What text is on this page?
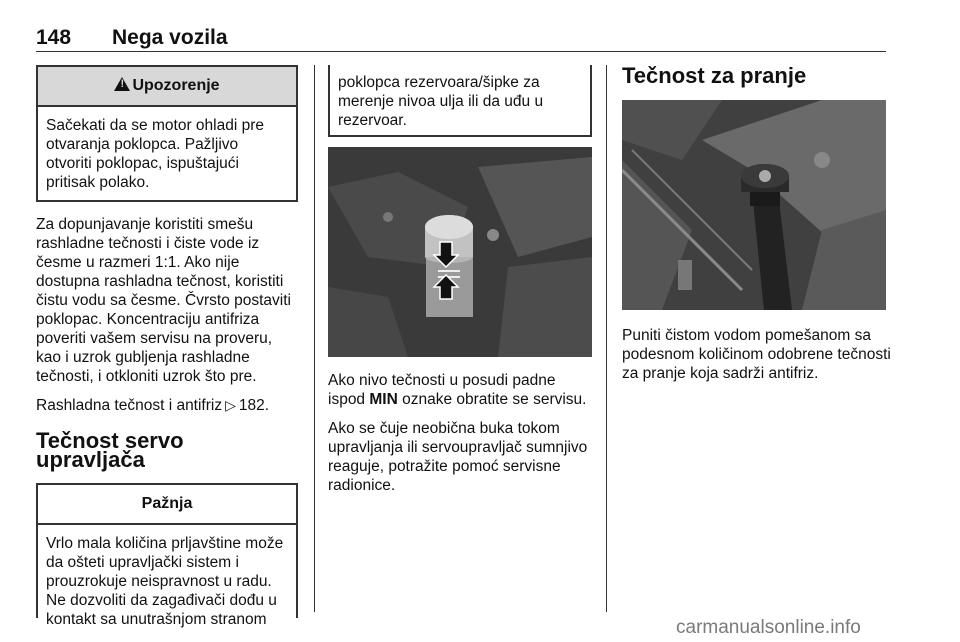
148 Nega vozila
!Upozorenje
Sačekati da se motor ohladi pre otvaranja poklopca. Pažljivo otvoriti poklopac, ispuštajući pritisak polako.

Za dopunjavanje koristiti smešu rashladne tečnosti i čiste vode iz česme u razmeri 1:1. Ako nije dostupna rashladna tečnost, koristiti čistu vodu sa česme. Čvrsto postaviti poklopac. Koncentraciju antifriza poveriti vašem servisu na proveru, kao i uzrok gubljenja rashladne tečnosti, i otkloniti uzrok što pre.

Rashladna tečnost i antifriz ▷ 182.

Tečnost servo upravljača
Pažnja
Vrlo mala količina prljavštine može da ošteti upravljački sistem i prouzrokuje neispravnost u radu. Ne dozvoliti da zagađivači dođu u kontakt sa unutrašnjom stranom
poklopca rezervoara/šipke za merenje nivoa ulja ili da uđu u rezervoar.

Ako nivo tečnosti u posudi padne ispod MIN oznake obratite se servisu.

Ako se čuje neobična buka tokom upravljanja ili servoupravljač sumnjivo reaguje, potražite pomoć servisne radionice.

Tečnost za pranje

Puniti čistom vodom pomešanom sa podesnom količinom odobrene tečnosti za pranje koja sadrži antifriz.

carmanualsonline.info
